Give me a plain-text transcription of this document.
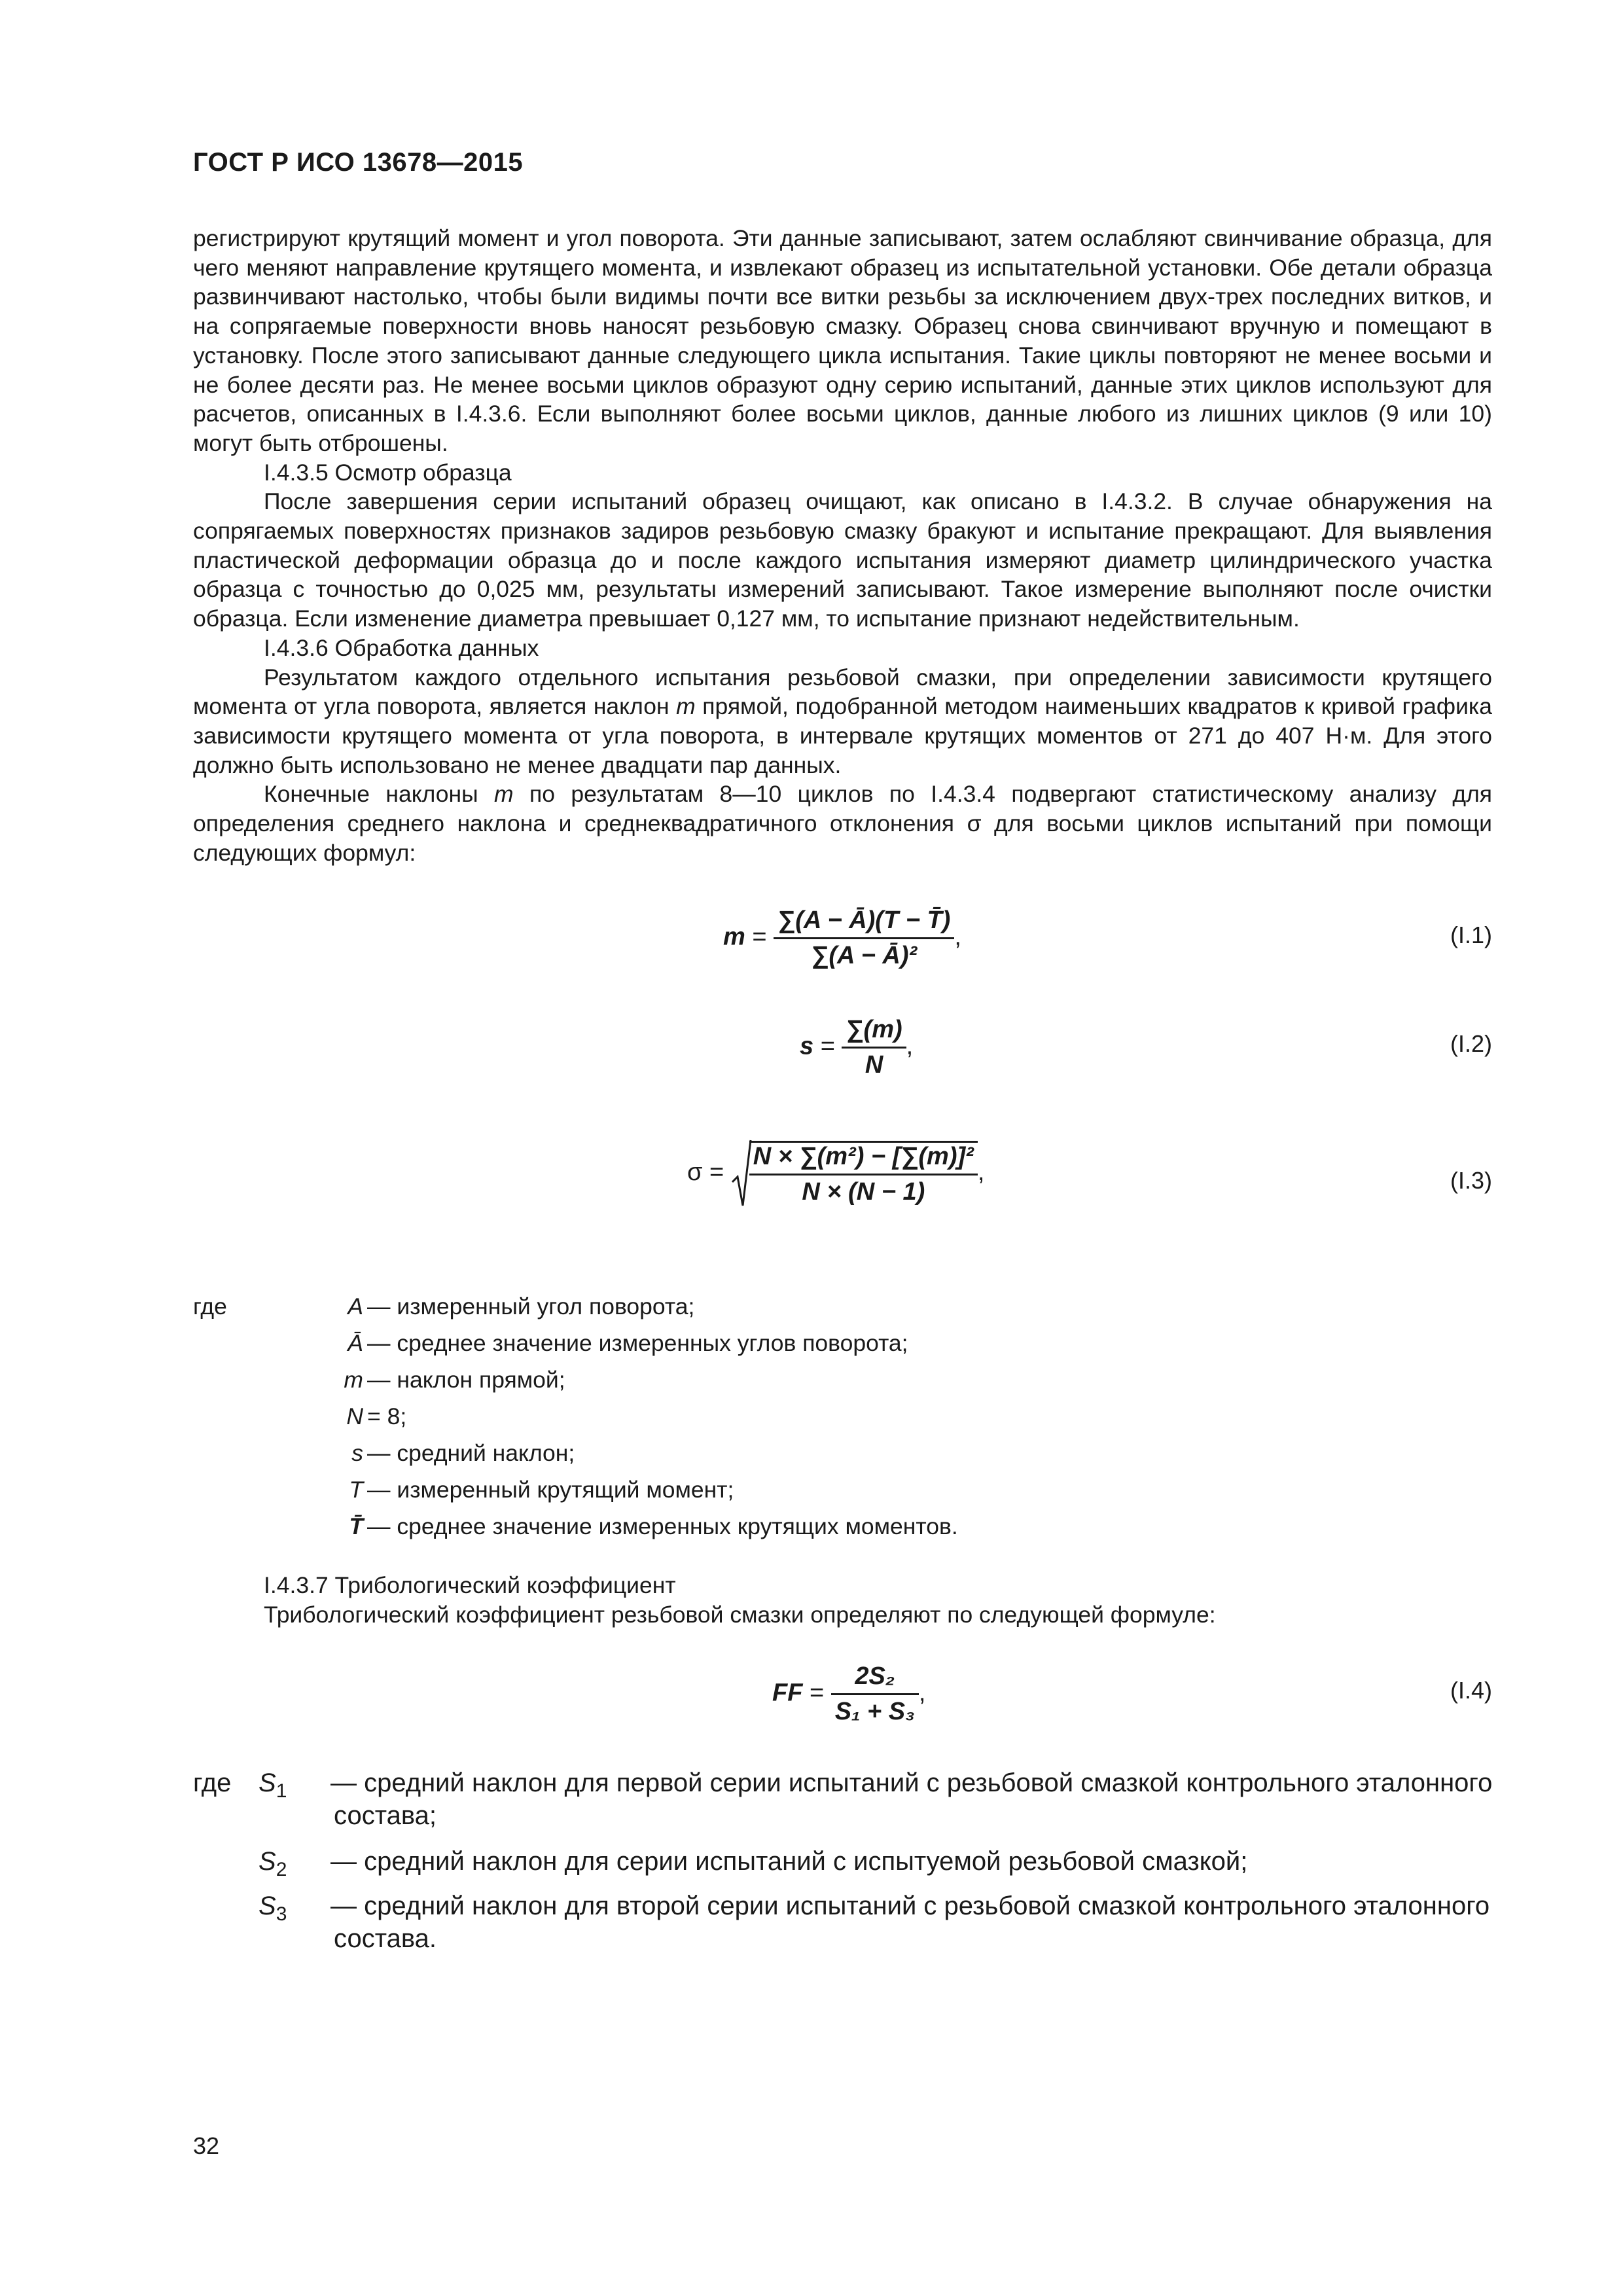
ГОСТ Р ИСО 13678—2015

регистрируют крутящий момент и угол поворота. Эти данные записывают, затем ослабляют свинчивание образца, для чего меняют направление крутящего момента, и извлекают образец из испытательной установки. Обе детали образца развинчивают настолько, чтобы были видимы почти все витки резьбы за исключением двух-трех последних витков, и на сопрягаемые поверхности вновь наносят резьбовую смазку. Образец снова свинчивают вручную и помещают в установку. После этого записывают данные следующего цикла испытания. Такие циклы повторяют не менее восьми и не более десяти раз. Не менее восьми циклов образуют одну серию испытаний, данные этих циклов используют для расчетов, описанных в I.4.3.6. Если выполняют более восьми циклов, данные любого из лишних циклов (9 или 10) могут быть отброшены.

I.4.3.5 Осмотр образца

После завершения серии испытаний образец очищают, как описано в I.4.3.2. В случае обнаружения на сопрягаемых поверхностях признаков задиров резьбовую смазку бракуют и испытание прекращают. Для выявления пластической деформации образца до и после каждого испытания измеряют диаметр цилиндрического участка образца с точностью до 0,025 мм, результаты измерений записывают. Такое измерение выполняют после очистки образца. Если изменение диаметра превышает 0,127 мм, то испытание признают недействительным.

I.4.3.6 Обработка данных

Результатом каждого отдельного испытания резьбовой смазки, при определении зависимости крутящего момента от угла поворота, является наклон m прямой, подобранной методом наименьших квадратов к кривой графика зависимости крутящего момента от угла поворота, в интервале крутящих моментов от 271 до 407 Н·м. Для этого должно быть использовано не менее двадцати пар данных.

Конечные наклоны m по результатам 8—10 циклов по I.4.3.4 подвергают статистическому анализу для определения среднего наклона и среднеквадратичного отклонения σ для восьми циклов испытаний при помощи следующих формул:

$m = \frac{\sum(A - Ā)(T - T̄)}{\text{∑(A − Ā)²}}$ ,	(I.1)
$s = \frac{\sum(m)}{N}$ ,	(I.2)
$\sigma = \frac{\text{N × ∑(m²) − [∑(m)]²}}{N \times (N - 1)}$ ,	(I.3)
где	A — измеренный угол поворота;
Ā — среднее значение измеренных углов поворота;
m — наклон прямой;
N = 8;
s — средний наклон;
T — измеренный крутящий момент;
T̄ — среднее значение измеренных крутящих моментов.

I.4.3.7 Трибологический коэффициент

Трибологический коэффициент резьбовой смазки определяют по следующей формуле:

FF = $\frac{\text{2S₂}}{\text{S₁ + S₃}}$ ,	(I.4)
где $S_1$ — средний наклон для первой серии испытаний с резьбовой смазкой контрольного эталонного
состава;
$S_2$ — средний наклон для серии испытаний с испытуемой резьбовой смазкой;
$S_3$ — средний наклон для второй серии испытаний с резьбовой смазкой контрольного эталонного
состава.
32
